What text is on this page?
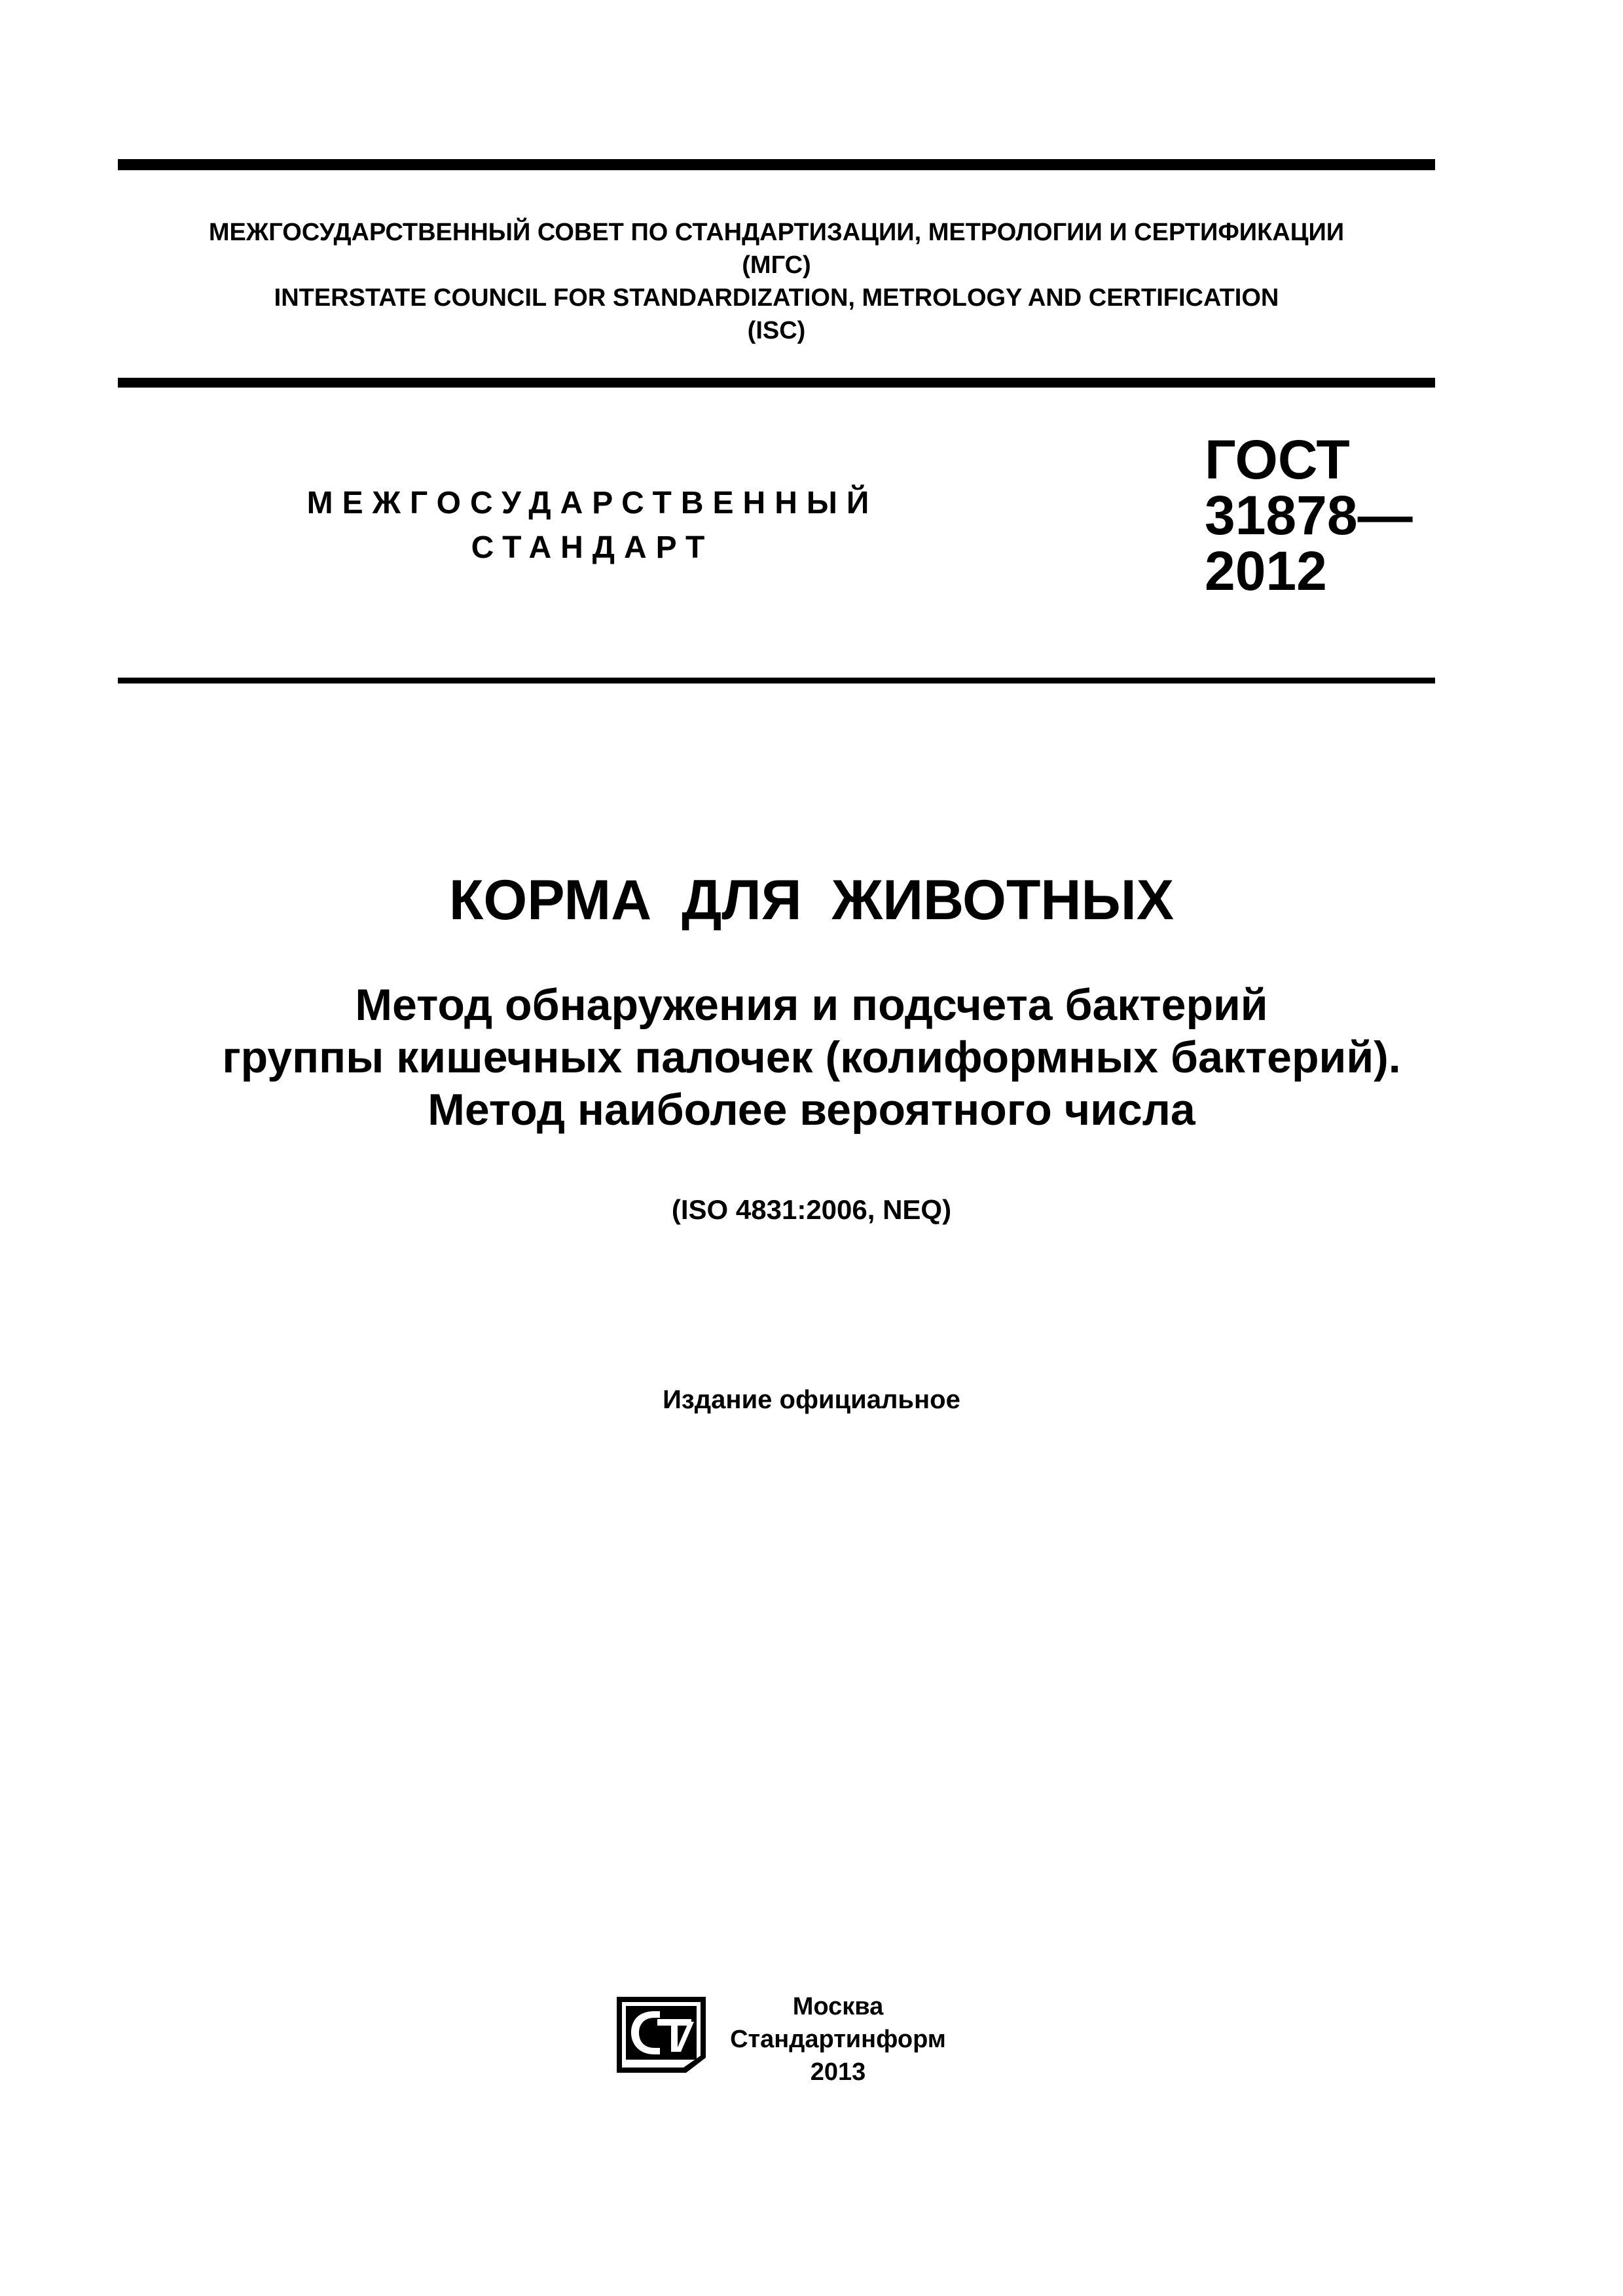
МЕЖГОСУДАРСТВЕННЫЙ СОВЕТ ПО СТАНДАРТИЗАЦИИ, МЕТРОЛОГИИ И СЕРТИФИКАЦИИ
(МГС)
INTERSTATE COUNCIL FOR STANDARDIZATION, METROLOGY AND CERTIFICATION
(ISC)
МЕЖГОСУДАРСТВЕННЫЙ
СТАНДАРТ
ГОСТ
31878—
2012
КОРМА ДЛЯ ЖИВОТНЫХ
Метод обнаружения и подсчета бактерий
группы кишечных палочек (колиформных бактерий).
Метод наиболее вероятного числа
(ISO 4831:2006, NEQ)
Издание официальное
Москва
Стандартинформ
2013
